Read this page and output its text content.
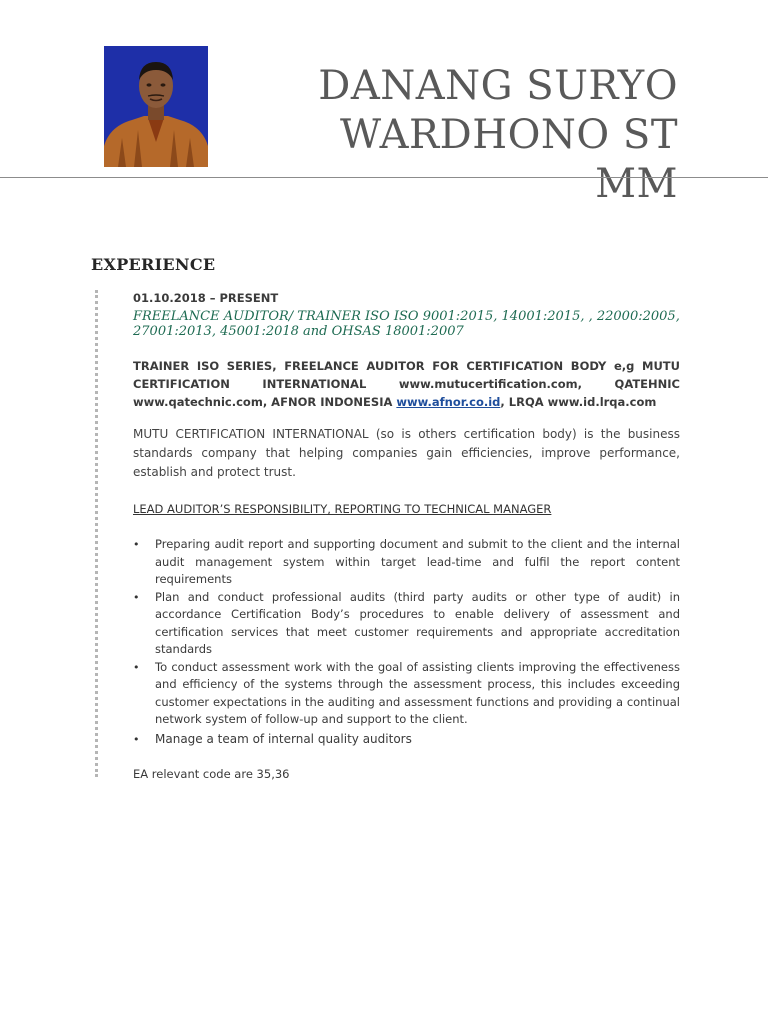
DANANG SURYO
WARDHONO ST MM
EXPERIENCE

01.10.2018 – PRESENT

FREELANCE AUDITOR/ TRAINER ISO ISO 9001:2015, 14001:2015, , 22000:2005, 27001:2013, 45001:2018 and OHSAS 18001:2007

TRAINER ISO SERIES, FREELANCE AUDITOR FOR CERTIFICATION BODY e,g MUTU CERTIFICATION INTERNATIONAL www.mutucertification.com, QATEHNIC www.qatechnic.com, AFNOR INDONESIA www.afnor.co.id, LRQA www.id.lrqa.com

MUTU CERTIFICATION INTERNATIONAL (so is others certification body) is the business standards company that helping companies gain efficiencies, improve performance, establish and protect trust.

LEAD AUDITOR’S RESPONSIBILITY, REPORTING TO TECHNICAL MANAGER

• Preparing audit report and supporting document and submit to the client and the internal audit management system within target lead-time and fulfil the report content requirements
• Plan and conduct professional audits (third party audits or other type of audit) in accordance Certification Body’s procedures to enable delivery of assessment and certification services that meet customer requirements and appropriate accreditation standards
• To conduct assessment work with the goal of assisting clients improving the effectiveness and efficiency of the systems through the assessment process, this includes exceeding customer expectations in the auditing and assessment functions and providing a continual network system of follow-up and support to the client.
• Manage a team of internal quality auditors

EA relevant code are 35,36
